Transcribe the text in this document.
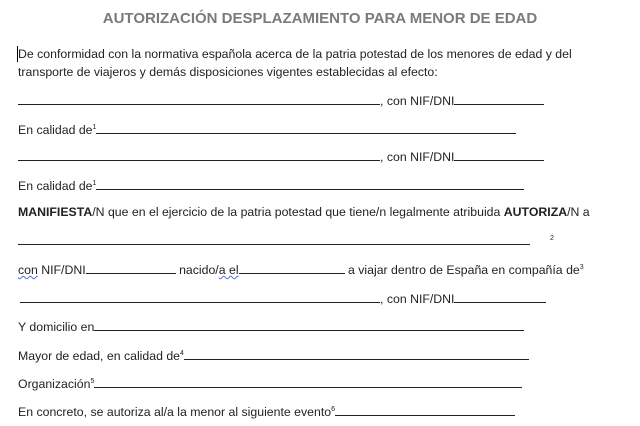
AUTORIZACIÓN DESPLAZAMIENTO PARA MENOR DE EDAD
De conformidad con la normativa española acerca de la patria potestad de los menores de edad y del
transporte de viajeros y demás disposiciones vigentes establecidas al efecto:
, con NIF/DNI
En calidad $de^1$
, con NIF/DNI
En calidad $de^1$
MANIFIESTA/N que en el ejercicio de la patria potestad que tiene/n legalmente atribuida AUTORIZA/N a
$^2$
con NIF/DNI	nacido/a el	a viajar dentro de España en compañía $de^3$
, con NIF/DNI
Y domicilio en
Mayor de edad, en calidad $de^4$
Organización$^5$
En concreto, se autoriza al/a la menor al siguiente evento$^6$
